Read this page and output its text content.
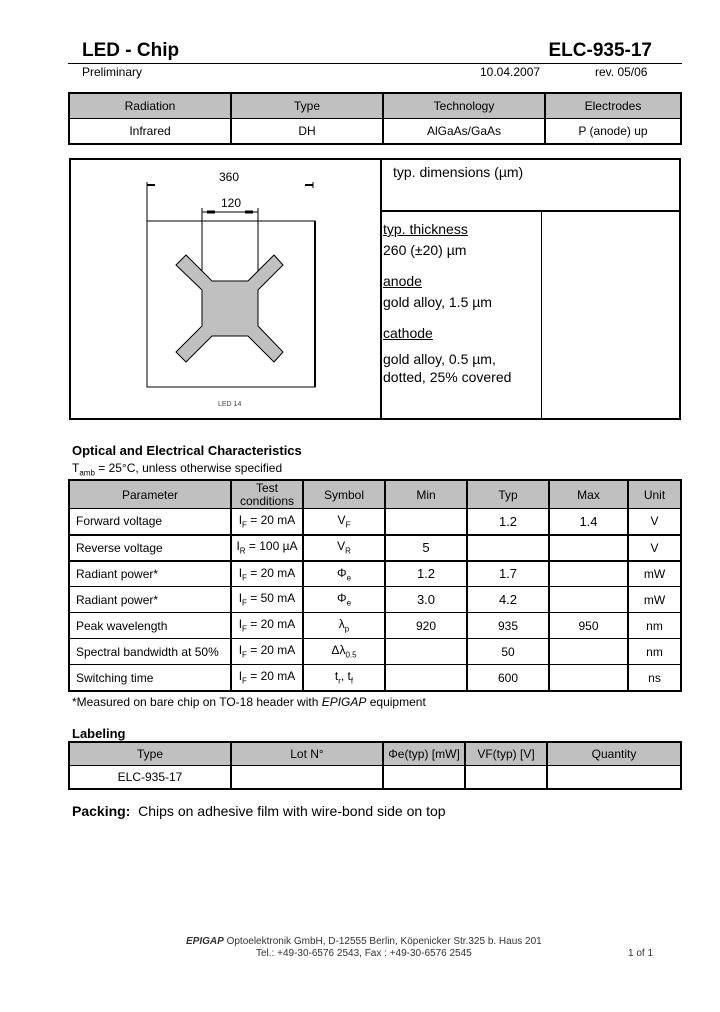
LED - Chip	ELC-935-17
Preliminary	10.04.2007	rev. 05/06
Radiation	Type	Technology	Electrodes
Infrared	DH	AlGaAs/GaAs	P (anode) up
360
120
LED 14
typ. dimensions (µm)
typ. thickness
260 (±20) µm
anode
gold alloy, 1.5 µm
cathode
gold alloy, 0.5 µm,
dotted, 25% covered
Optical and Electrical Characteristics
$T_{amb} = 25^\circ C$, unless otherwise specified
Parameter	Test conditions	Symbol	Min	Typ	Max	Unit
Forward voltage	$I_F = 20$ mA	$V_F$		1.2	1.4	V
Reverse voltage	$I_R = 100$ µA	$V_R$	5			V
Radiant power*	$I_F = 20$ mA	$\Phi_e$	1.2	1.7		mW
Radiant power*	$I_F = 50$ mA	$\Phi_e$	3.0	4.2		mW
Peak wavelength	$I_F = 20$ mA	$\lambda_p$	920	935	950	nm
Spectral bandwidth at 50%	$I_F = 20$ mA	$\Delta\lambda_{0.5}$		50		nm
Switching time	$I_F = 20$ mA	$t_r$, $t_f$		600		ns
*Measured on bare chip on TO-18 header with EPIGAP equipment
Labeling
Type	Lot N°	Φe(typ) [mW]	VF(typ) [V]	Quantity
ELC-935-17				
Packing: Chips on adhesive film with wire-bond side on top
EPIGAP Optoelektronik GmbH, D-12555 Berlin, Köpenicker Str.325 b. Haus 201
Tel.: +49-30-6576 2543, Fax : +49-30-6576 2545	1 of 1
